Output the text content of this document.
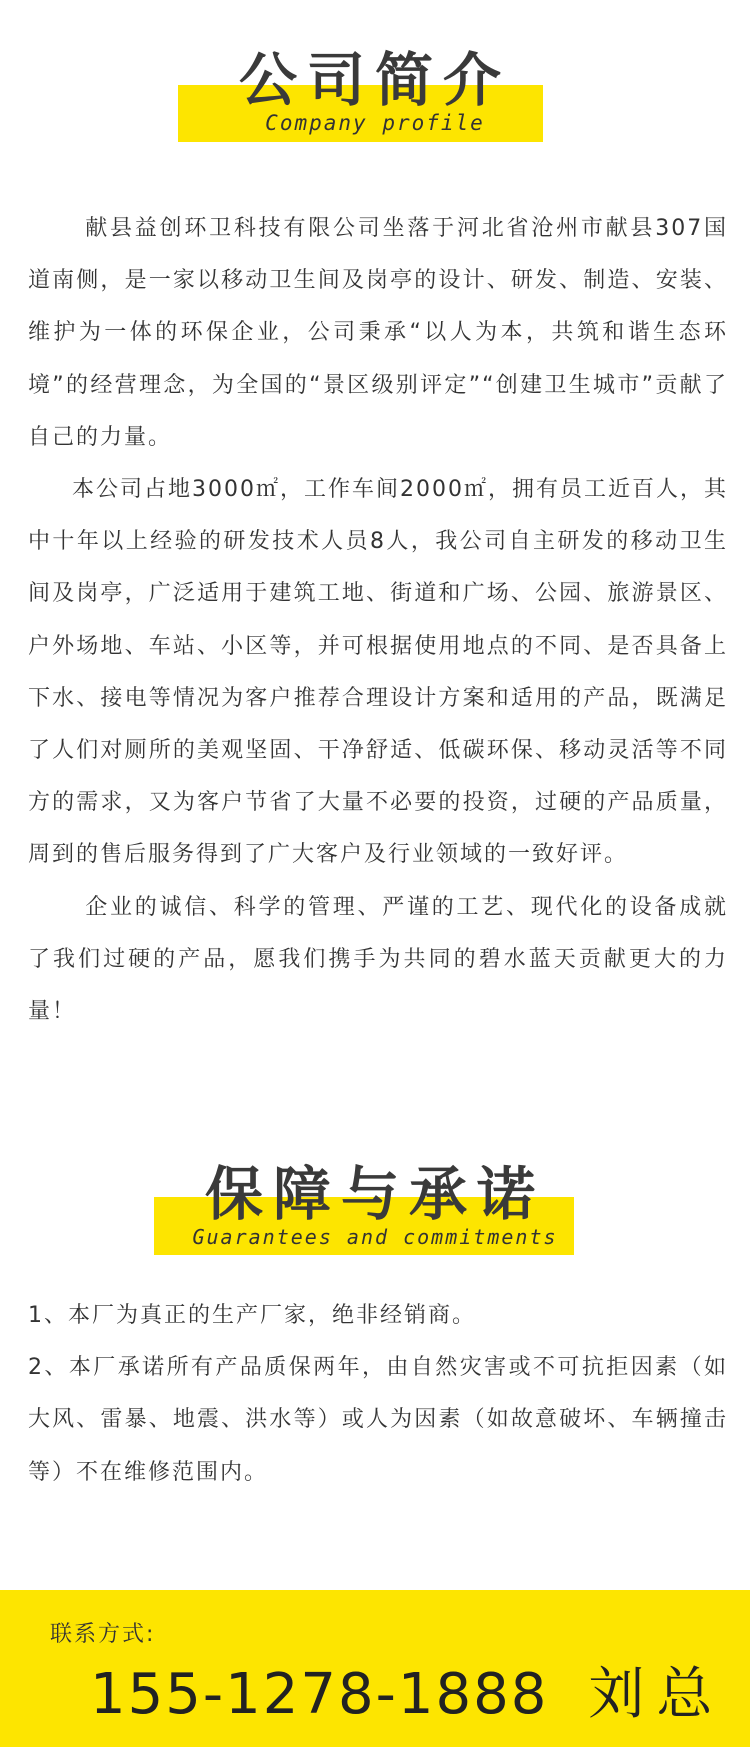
公司简介
Company profile

献县益创环卫科技有限公司坐落于河北省沧州市献县307国道南侧，是一家以移动卫生间及岗亭的设计、研发、制造、安装、维护为一体的环保企业，公司秉承“以人为本，共筑和谐生态环境”的经营理念，为全国的“景区级别评定”“创建卫生城市”贡献了自己的力量。

本公司占地3000㎡，工作车间2000㎡，拥有员工近百人，其中十年以上经验的研发技术人员8人，我公司自主研发的移动卫生间及岗亭，广泛适用于建筑工地、街道和广场、公园、旅游景区、户外场地、车站、小区等，并可根据使用地点的不同、是否具备上下水、接电等情况为客户推荐合理设计方案和适用的产品，既满足了人们对厕所的美观坚固、干净舒适、低碳环保、移动灵活等不同方的需求，又为客户节省了大量不必要的投资，过硬的产品质量，周到的售后服务得到了广大客户及行业领域的一致好评。

企业的诚信、科学的管理、严谨的工艺、现代化的设备成就了我们过硬的产品，愿我们携手为共同的碧水蓝天贡献更大的力量！

保障与承诺
Guarantees and commitments

1、本厂为真正的生产厂家，绝非经销商。

2、本厂承诺所有产品质保两年，由自然灾害或不可抗拒因素（如大风、雷暴、地震、洪水等）或人为因素（如故意破坏、车辆撞击等）不在维修范围内。

联系方式:
155-1278-1888 刘总
